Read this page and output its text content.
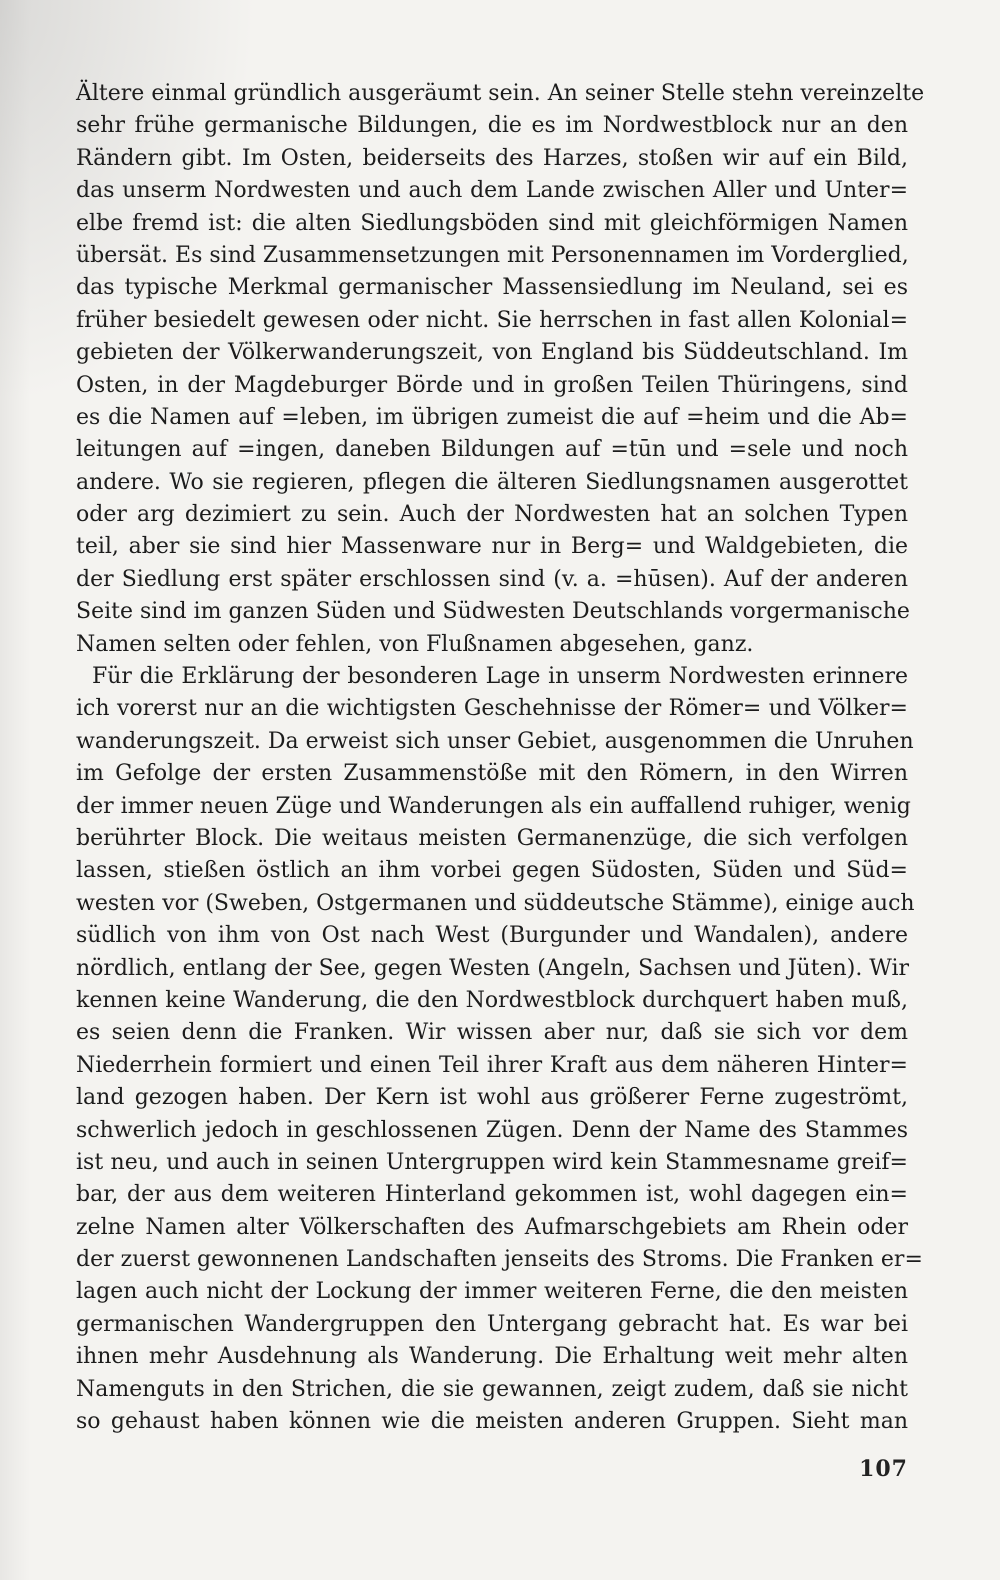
Ältere einmal gründlich ausgeräumt sein. An seiner Stelle stehn vereinzelte
sehr frühe germanische Bildungen, die es im Nordwestblock nur an den
Rändern gibt. Im Osten, beiderseits des Harzes, stoßen wir auf ein Bild,
das unserm Nordwesten und auch dem Lande zwischen Aller und Unter=
elbe fremd ist: die alten Siedlungsböden sind mit gleichförmigen Namen
übersät. Es sind Zusammensetzungen mit Personennamen im Vorderglied,
das typische Merkmal germanischer Massensiedlung im Neuland, sei es
früher besiedelt gewesen oder nicht. Sie herrschen in fast allen Kolonial=
gebieten der Völkerwanderungszeit, von England bis Süddeutschland. Im
Osten, in der Magdeburger Börde und in großen Teilen Thüringens, sind
es die Namen auf =leben, im übrigen zumeist die auf =heim und die Ab=
leitungen auf =ingen, daneben Bildungen auf =tūn und =sele und noch
andere. Wo sie regieren, pflegen die älteren Siedlungsnamen ausgerottet
oder arg dezimiert zu sein. Auch der Nordwesten hat an solchen Typen
teil, aber sie sind hier Massenware nur in Berg= und Waldgebieten, die
der Siedlung erst später erschlossen sind (v. a. =hūsen). Auf der anderen
Seite sind im ganzen Süden und Südwesten Deutschlands vorgermanische
Namen selten oder fehlen, von Flußnamen abgesehen, ganz.

Für die Erklärung der besonderen Lage in unserm Nordwesten erinnere
ich vorerst nur an die wichtigsten Geschehnisse der Römer= und Völker=
wanderungszeit. Da erweist sich unser Gebiet, ausgenommen die Unruhen
im Gefolge der ersten Zusammenstöße mit den Römern, in den Wirren
der immer neuen Züge und Wanderungen als ein auffallend ruhiger, wenig
berührter Block. Die weitaus meisten Germanenzüge, die sich verfolgen
lassen, stießen östlich an ihm vorbei gegen Südosten, Süden und Süd=
westen vor (Sweben, Ostgermanen und süddeutsche Stämme), einige auch
südlich von ihm von Ost nach West (Burgunder und Wandalen), andere
nördlich, entlang der See, gegen Westen (Angeln, Sachsen und Jüten). Wir
kennen keine Wanderung, die den Nordwestblock durchquert haben muß,
es seien denn die Franken. Wir wissen aber nur, daß sie sich vor dem
Niederrhein formiert und einen Teil ihrer Kraft aus dem näheren Hinter=
land gezogen haben. Der Kern ist wohl aus größerer Ferne zugeströmt,
schwerlich jedoch in geschlossenen Zügen. Denn der Name des Stammes
ist neu, und auch in seinen Untergruppen wird kein Stammesname greif=
bar, der aus dem weiteren Hinterland gekommen ist, wohl dagegen ein=
zelne Namen alter Völkerschaften des Aufmarschgebiets am Rhein oder
der zuerst gewonnenen Landschaften jenseits des Stroms. Die Franken er=
lagen auch nicht der Lockung der immer weiteren Ferne, die den meisten
germanischen Wandergruppen den Untergang gebracht hat. Es war bei
ihnen mehr Ausdehnung als Wanderung. Die Erhaltung weit mehr alten
Namenguts in den Strichen, die sie gewannen, zeigt zudem, daß sie nicht
so gehaust haben können wie die meisten anderen Gruppen. Sieht man

107
